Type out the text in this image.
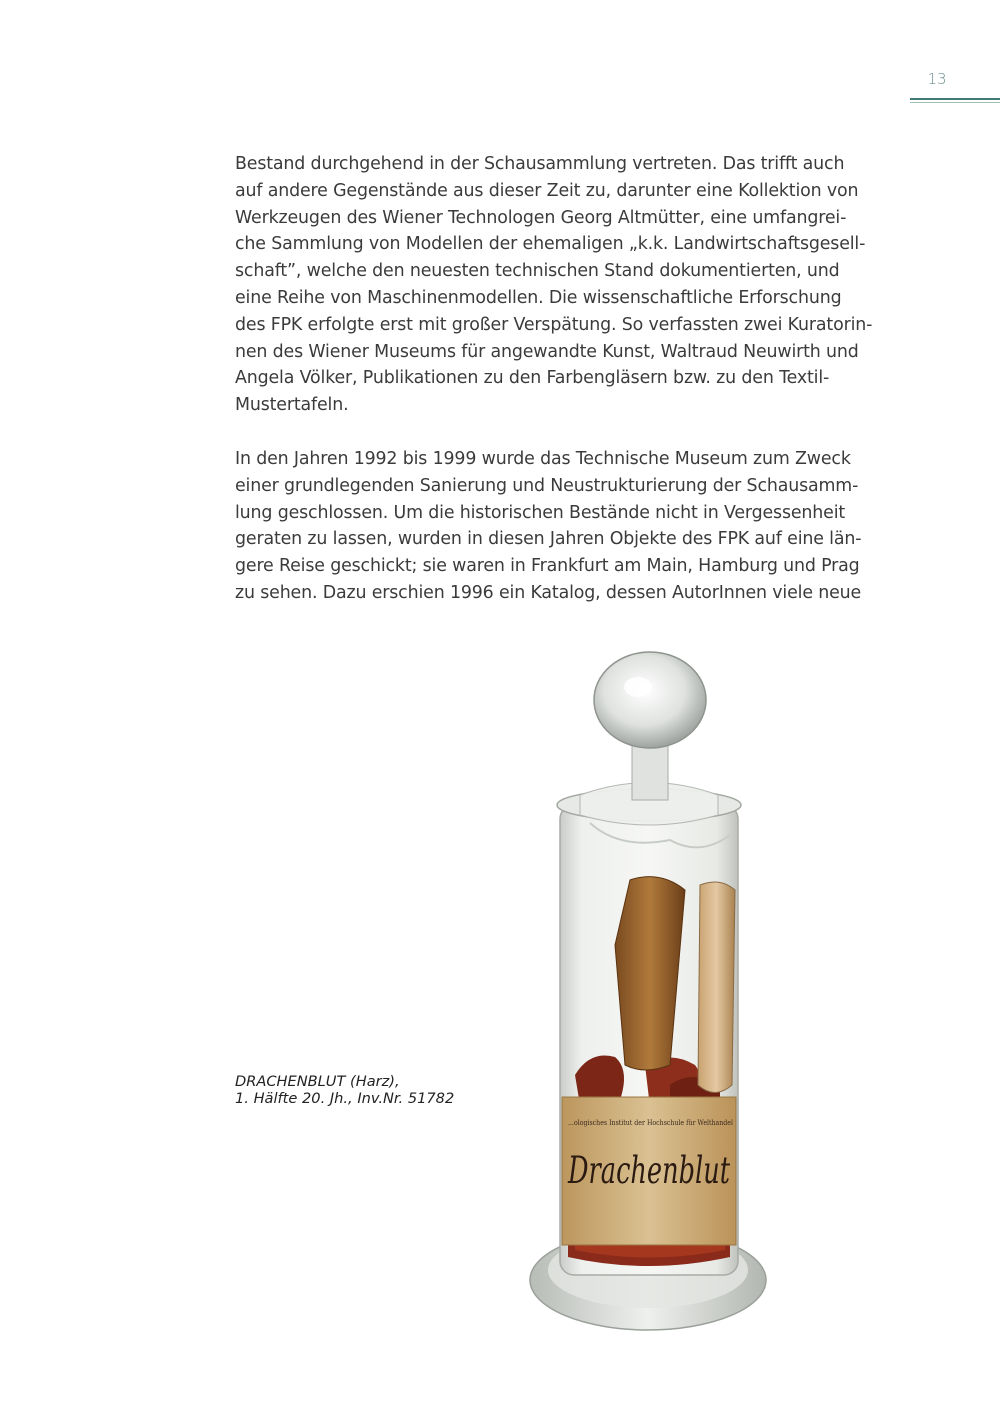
13

Bestand durchgehend in der Schausammlung vertreten. Das trifft auch
auf andere Gegenstände aus dieser Zeit zu, darunter eine Kollektion von
Werkzeugen des Wiener Technologen Georg Altmütter, eine umfangrei-
che Sammlung von Modellen der ehemaligen „k.k. Landwirtschaftsgesell-
schaft”, welche den neuesten technischen Stand dokumentierten, und
eine Reihe von Maschinenmodellen. Die wissenschaftliche Erforschung
des FPK erfolgte erst mit großer Verspätung. So verfassten zwei Kuratorin-
nen des Wiener Museums für angewandte Kunst, Waltraud Neuwirth und
Angela Völker, Publikationen zu den Farbengläsern bzw. zu den Textil-
Mustertafeln.

In den Jahren 1992 bis 1999 wurde das Technische Museum zum Zweck
einer grundlegenden Sanierung und Neustrukturierung der Schausamm-
lung geschlossen. Um die historischen Bestände nicht in Vergessenheit
geraten zu lassen, wurden in diesen Jahren Objekte des FPK auf eine län-
gere Reise geschickt; sie waren in Frankfurt am Main, Hamburg und Prag
zu sehen. Dazu erschien 1996 ein Katalog, dessen AutorInnen viele neue

DRACHENBLUT (Harz),
1. Hälfte 20. Jh., Inv.Nr. 51782
...ologisches Institut der Hochschule für Welthandel
Drachenblut
